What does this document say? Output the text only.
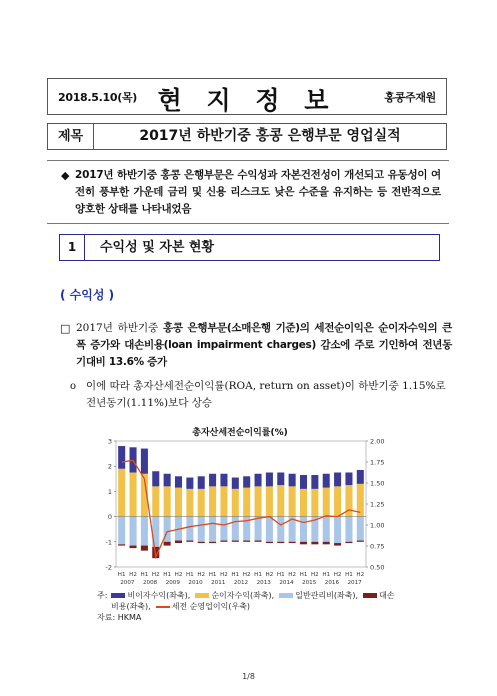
2018.5.10(목) 현 지 정 보	홍콩주재원
제목	2017년 하반기중 홍콩 은행부문 영업실적
◆ 2017년 하반기중 홍콩 은행부문은 수익성과 자본건전성이 개선되고 유동성이 여전히 풍부한 가운데 금리 및 신용 리스크도 낮은 수준을 유지하는 등 전반적으로 양호한 상태를 나타내었음

1	수익성 및 자본 현황
( 수익성 )
□ 2017년 하반기중 홍콩 은행부문(소매은행 기준)의 세전순이익은 순이자수익의 큰 폭 증가와 대손비용(loan impairment charges) 감소에 주로 기인하여 전년동기대비 13.6% 증가

o 이에 따라 총자산세전순이익률(ROA, return on asset)이 하반기중 1.15%로 전년동기(1.11%)보다 상승

총자산세전순이익률(%)
3
2
1
0
-1
-2
2.00
1.75
1.50
1.25
1.00
0.75
0.50
H1 H2 H1 H2 H1 H2 H1 H2 H1 H2 H1 H2 H1 H2 H1 H2 H1 H2 H1 H2 H1 H2
2007 2008 2009 2010 2011 2012 2013 2014 2015 2016 2017
주:	비이자수익(좌축),	순이자수익(좌축),	일반관리비(좌축),	대손
비용(좌축),	세전 순영업이익(우축)
자료: HKMA
1/8
